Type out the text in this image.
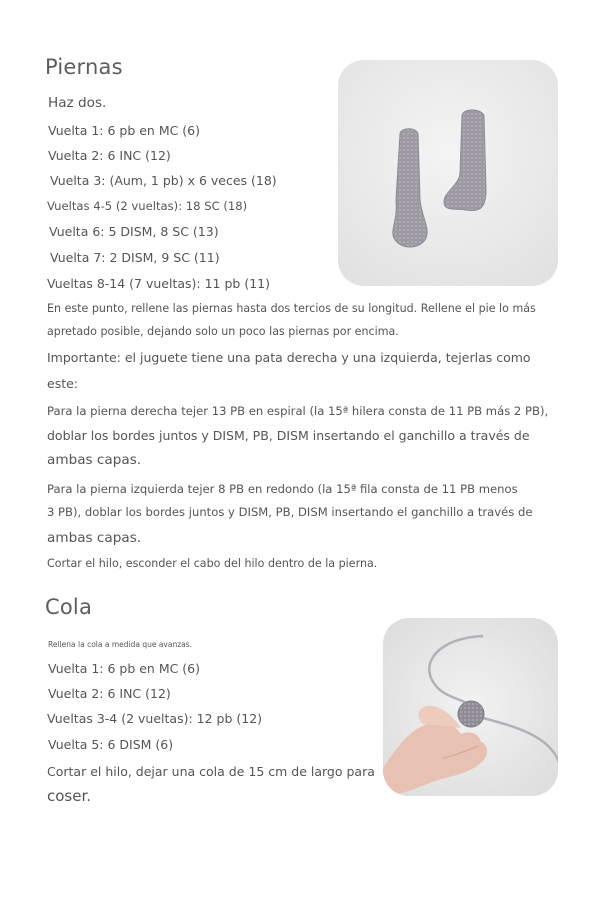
Piernas
Haz dos.
Vuelta 1: 6 pb en MC (6)
Vuelta 2: 6 INC (12)
Vuelta 3: (Aum, 1 pb) x 6 veces (18)
Vueltas 4-5 (2 vueltas): 18 SC (18)
Vuelta 6: 5 DISM, 8 SC (13)
Vuelta 7: 2 DISM, 9 SC (11)
Vueltas 8-14 (7 vueltas): 11 pb (11)
En este punto, rellene las piernas hasta dos tercios de su longitud. Rellene el pie lo más
apretado posible, dejando solo un poco las piernas por encima.
Importante: el juguete tiene una pata derecha y una izquierda, tejerlas como
este:
Para la pierna derecha tejer 13 PB en espiral (la 15ª hilera consta de 11 PB más 2 PB),
doblar los bordes juntos y DISM, PB, DISM insertando el ganchillo a través de
ambas capas.
Para la pierna izquierda tejer 8 PB en redondo (la 15ª fila consta de 11 PB menos
3 PB), doblar los bordes juntos y DISM, PB, DISM insertando el ganchillo a través de
ambas capas.
Cortar el hilo, esconder el cabo del hilo dentro de la pierna.
Cola
Rellena la cola a medida que avanzas.
Vuelta 1: 6 pb en MC (6)
Vuelta 2: 6 INC (12)
Vueltas 3-4 (2 vueltas): 12 pb (12)
Vuelta 5: 6 DISM (6)
Cortar el hilo, dejar una cola de 15 cm de largo para
coser.
